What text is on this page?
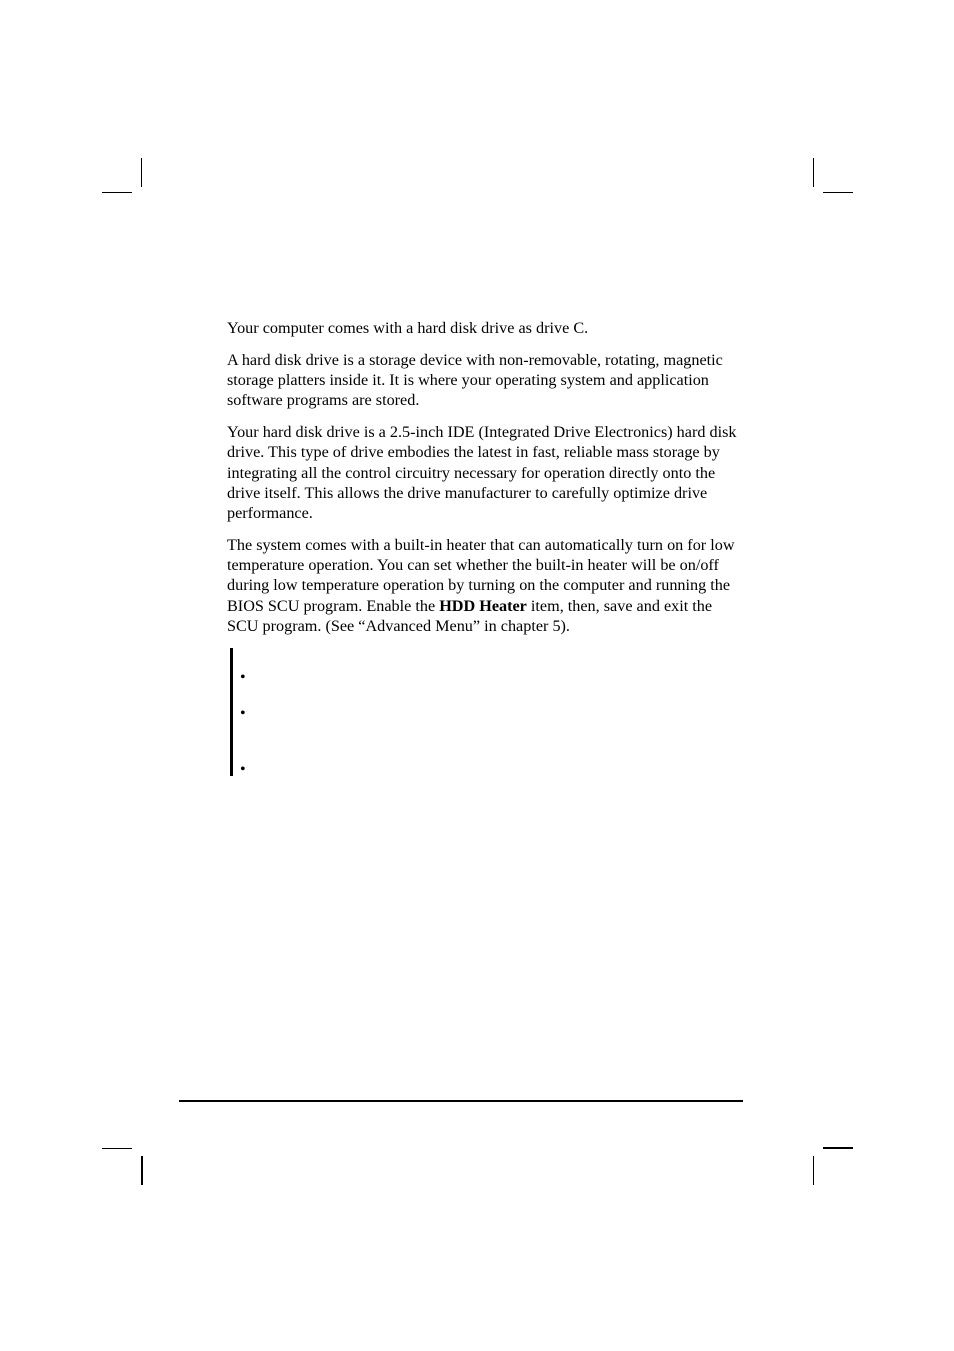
Your computer comes with a hard disk drive as drive C.

A hard disk drive is a storage device with non-removable, rotating, magnetic storage platters inside it. It is where your operating system and application software programs are stored.

Your hard disk drive is a 2.5-inch IDE (Integrated Drive Electronics) hard disk drive. This type of drive embodies the latest in fast, reliable mass storage by integrating all the control circuitry necessary for operation directly onto the drive itself. This allows the drive manufacturer to carefully optimize drive performance.

The system comes with a built-in heater that can automatically turn on for low temperature operation. You can set whether the built-in heater will be on/off during low temperature operation by turning on the computer and running the BIOS SCU program. Enable the HDD Heater item, then, save and exit the SCU program. (See “Advanced Menu” in chapter 5).

•
•
•
